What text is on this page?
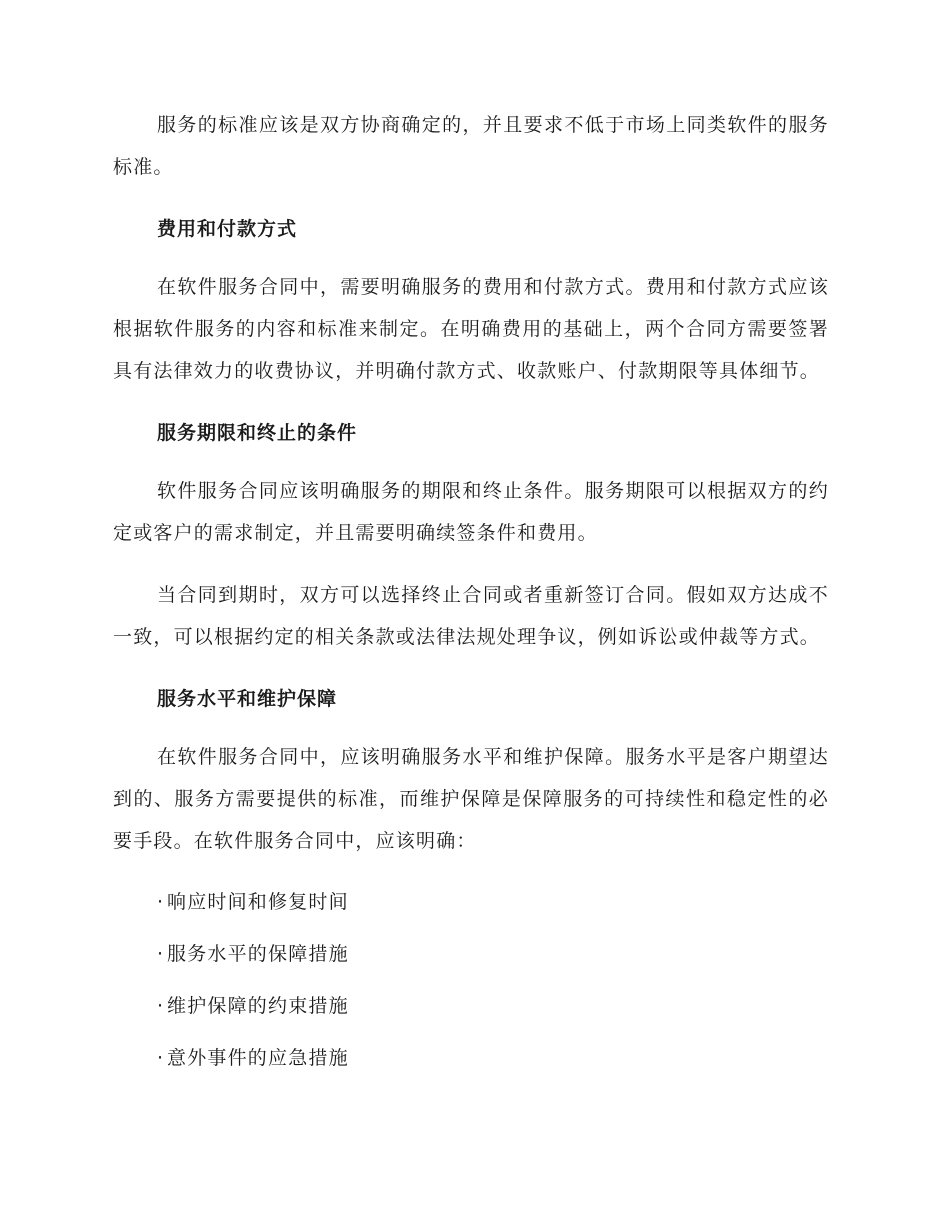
服务的标准应该是双方协商确定的，并且要求不低于市场上同类软件的服务标准。

费用和付款方式

在软件服务合同中，需要明确服务的费用和付款方式。费用和付款方式应该根据软件服务的内容和标准来制定。在明确费用的基础上，两个合同方需要签署具有法律效力的收费协议，并明确付款方式、收款账户、付款期限等具体细节。

服务期限和终止的条件

软件服务合同应该明确服务的期限和终止条件。服务期限可以根据双方的约定或客户的需求制定，并且需要明确续签条件和费用。

当合同到期时，双方可以选择终止合同或者重新签订合同。假如双方达成不一致，可以根据约定的相关条款或法律法规处理争议，例如诉讼或仲裁等方式。

服务水平和维护保障

在软件服务合同中，应该明确服务水平和维护保障。服务水平是客户期望达到的、服务方需要提供的标准，而维护保障是保障服务的可持续性和稳定性的必要手段。在软件服务合同中，应该明确：

· 响应时间和修复时间
· 服务水平的保障措施
· 维护保障的约束措施
· 意外事件的应急措施
